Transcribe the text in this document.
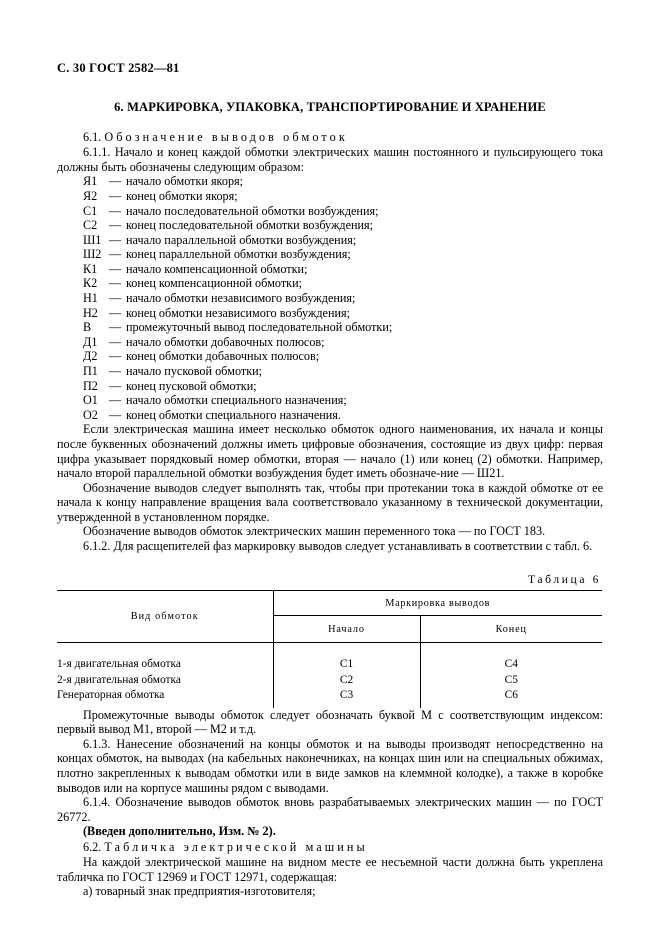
С. 30 ГОСТ 2582—81
6. МАРКИРОВКА, УПАКОВКА, ТРАНСПОРТИРОВАНИЕ И ХРАНЕНИЕ
6.1. Обозначение выводов обмоток

6.1.1. Начало и конец каждой обмотки электрических машин постоянного и пульсирующего тока должны быть обозначены следующим образом:

Я1 — начало обмотки якоря;
Я2 — конец обмотки якоря;
С1 — начало последовательной обмотки возбуждения;
С2 — конец последовательной обмотки возбуждения;
Ш1 — начало параллельной обмотки возбуждения;
Ш2 — конец параллельной обмотки возбуждения;
К1 — начало компенсационной обмотки;
К2 — конец компенсационной обмотки;
Н1 — начало обмотки независимого возбуждения;
Н2 — конец обмотки независимого возбуждения;
В — промежуточный вывод последовательной обмотки;
Д1 — начало обмотки добавочных полюсов;
Д2 — конец обмотки добавочных полюсов;
П1 — начало пусковой обмотки;
П2 — конец пусковой обмотки;
О1 — начало обмотки специального назначения;
О2 — конец обмотки специального назначения.

Если электрическая машина имеет несколько обмоток одного наименования, их начала и концы после буквенных обозначений должны иметь цифровые обозначения, состоящие из двух цифр: первая цифра указывает порядковый номер обмотки, вторая — начало (1) или конец (2) обмотки. Например, начало второй параллельной обмотки возбуждения будет иметь обозначе-ние — Ш21.

Обозначение выводов следует выполнять так, чтобы при протекании тока в каждой обмотке от ее начала к концу направление вращения вала соответствовало указанному в технической документации, утвержденной в установленном порядке.

Обозначение выводов обмоток электрических машин переменного тока — по ГОСТ 183.

6.1.2. Для расщепителей фаз маркировку выводов следует устанавливать в соответствии с табл. 6.

Таблица 6
Вид обмоток	Маркировка выводов	
	Начало	Конец

1-я двигательная обмотка	С1	С4
2-я двигательная обмотка	С2	С5
Генераторная обмотка	С3	С6

Промежуточные выводы обмоток следует обозначать буквой М с соответствующим индексом: первый вывод М1, второй — М2 и т.д.

6.1.3. Нанесение обозначений на концы обмоток и на выводы производят непосредственно на концах обмоток, на выводах (на кабельных наконечниках, на концах шин или на специальных обжимах, плотно закрепленных к выводам обмотки или в виде замков на клеммной колодке), а также в коробке выводов или на корпусе машины рядом с выводами.

6.1.4. Обозначение выводов обмоток вновь разрабатываемых электрических машин — по ГОСТ 26772.

(Введен дополнительно, Изм. № 2).

6.2. Табличка электрической машины

На каждой электрической машине на видном месте ее несъемной части должна быть укреплена табличка по ГОСТ 12969 и ГОСТ 12971, содержащая:

а) товарный знак предприятия-изготовителя;
